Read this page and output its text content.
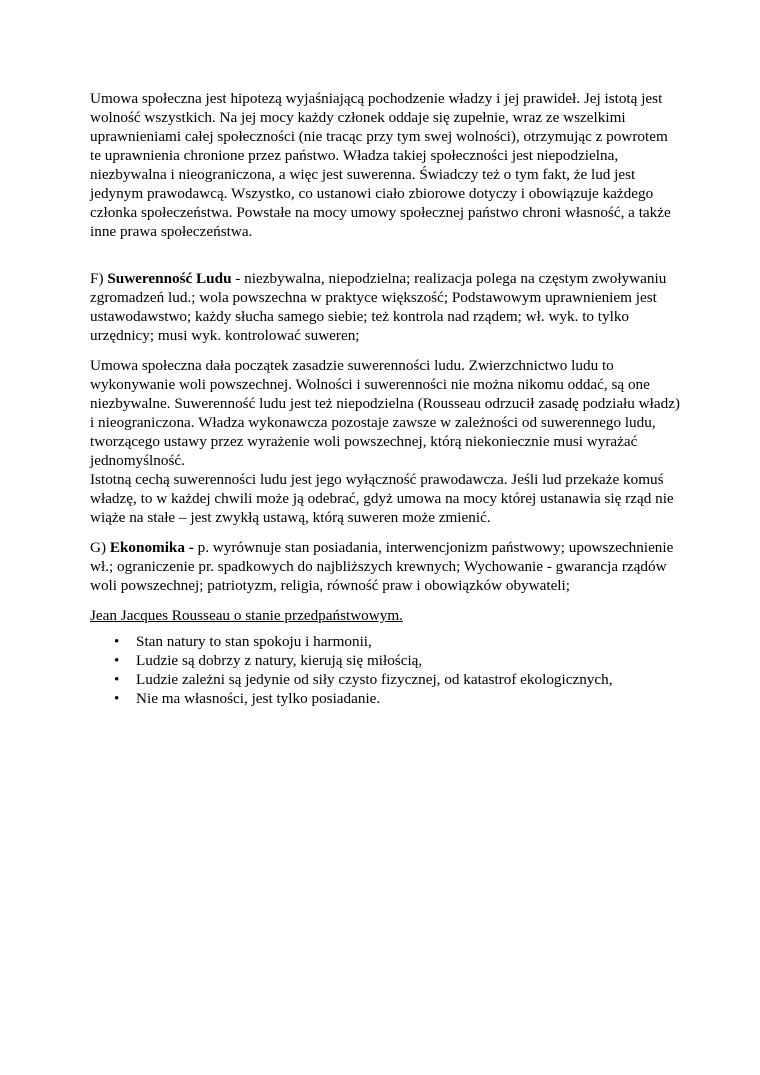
Umowa społeczna jest hipotezą wyjaśniającą pochodzenie władzy i jej prawideł. Jej istotą jest wolność wszystkich. Na jej mocy każdy członek oddaje się zupełnie, wraz ze wszelkimi uprawnieniami całej społeczności (nie tracąc przy tym swej wolności), otrzymując z powrotem te uprawnienia chronione przez państwo. Władza takiej społeczności jest niepodzielna, niezbywalna i nieograniczona, a więc jest suwerenna. Świadczy też o tym fakt, że lud jest jedynym prawodawcą. Wszystko, co ustanowi ciało zbiorowe dotyczy i obowiązuje każdego członka społeczeństwa. Powstałe na mocy umowy społecznej państwo chroni własność, a także inne prawa społeczeństwa.

F) Suwerenność Ludu - niezbywalna, niepodzielna; realizacja polega na częstym zwoływaniu zgromadzeń lud.; wola powszechna w praktyce większość; Podstawowym uprawnieniem jest ustawodawstwo; każdy słucha samego siebie; też kontrola nad rządem; wł. wyk. to tylko urzędnicy; musi wyk. kontrolować suweren;

Umowa społeczna dała początek zasadzie suwerenności ludu. Zwierzchnictwo ludu to wykonywanie woli powszechnej. Wolności i suwerenności nie można nikomu oddać, są one niezbywalne. Suwerenność ludu jest też niepodzielna (Rousseau odrzucił zasadę podziału władz) i nieograniczona. Władza wykonawcza pozostaje zawsze w zależności od suwerennego ludu, tworzącego ustawy przez wyrażenie woli powszechnej, którą niekoniecznie musi wyrażać jednomyślność.

Istotną cechą suwerenności ludu jest jego wyłączność prawodawcza. Jeśli lud przekaże komuś władzę, to w każdej chwili może ją odebrać, gdyż umowa na mocy której ustanawia się rząd nie wiąże na stałe – jest zwykłą ustawą, którą suweren może zmienić.

G) Ekonomika - p. wyrównuje stan posiadania, interwencjonizm państwowy; upowszechnienie wł.; ograniczenie pr. spadkowych do najbliższych krewnych; Wychowanie - gwarancja rządów woli powszechnej; patriotyzm, religia, równość praw i obowiązków obywateli;

Jean Jacques Rousseau o stanie przedpaństwowym.

• Stan natury to stan spokoju i harmonii,
• Ludzie są dobrzy z natury, kierują się miłością,
• Ludzie zależni są jedynie od siły czysto fizycznej, od katastrof ekologicznych,
• Nie ma własności, jest tylko posiadanie.
